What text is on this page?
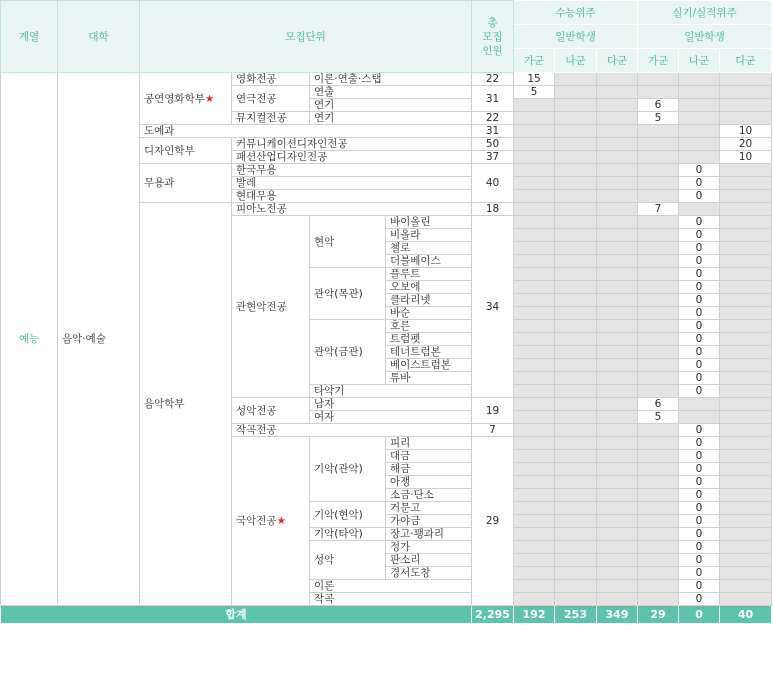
계열	대학	모집단위				총
모집
인원	수능위주			실기/실적위주		
							일반학생			일반학생		
							가군	나군	다군	가군	나군	다군
예능	음악·예술	공연영화학부★	영화전공	이론·연출·스탭		22	15					
			연극전공	연출		31	5					
				연기						6		
			뮤지컬전공	연기		22				5		
		도예과				31						10
		디자인학부	커뮤니케이션디자인전공			50						20
			패션산업디자인전공			37						10
		무용과	한국무용			40					0	
			발레								0	
			현대무용								0	
		음악학부	피아노전공			18				7		
			관현악전공	현악	바이올린	34					0	
					비올라						0	
					첼로						0	
					더블베이스						0	
				관악(목관)	플루트						0	
					오보에						0	
					클라리넷						0	
					바순						0	
				관악(금관)	호른						0	
					트럼펫						0	
					테너트럼본						0	
					베이스트럼본						0	
					튜바						0	
				타악기							0	
			성악전공	남자		19				6		
				여자						5		
			작곡전공			7					0	
			국악전공★	기악(관악)	피리	29					0	
					대금						0	
					해금						0	
					아쟁						0	
					소금·단소						0	
				기악(현악)	거문고						0	
					가야금						0	
				기악(타악)	장고·꽹과리						0	
				성악	정가						0	
					판소리						0	
					경서도창						0	
				이론							0	
				작곡							0	
합계						2,295	192	253	349	29	0	40
